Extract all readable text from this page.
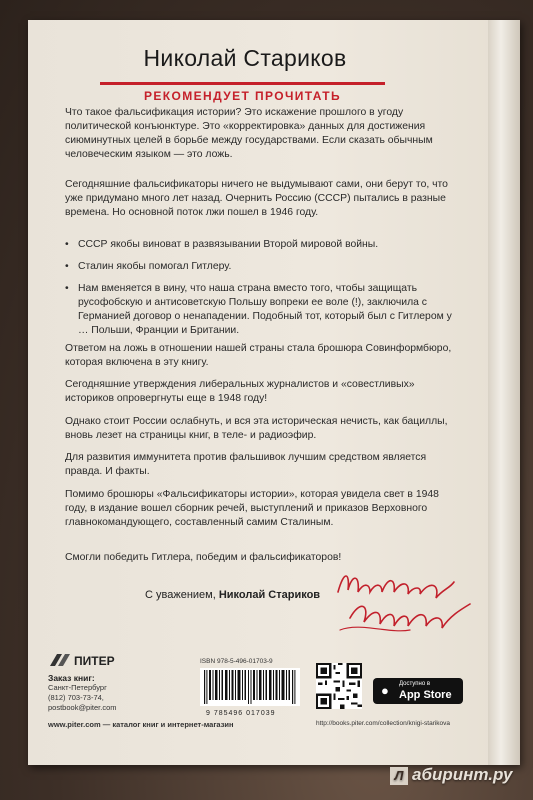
Николай Стариков
РЕКОМЕНДУЕТ ПРОЧИТАТЬ
Что такое фальсификация истории? Это искажение прошлого в угоду политической конъюнктуре. Это «корректировка» данных для достижения сиюминутных целей в борьбе между государствами. Если сказать обычным человеческим языком — это ложь.
Сегодняшние фальсификаторы ничего не выдумывают сами, они берут то, что уже придумано много лет назад. Очернить Россию (СССР) пытались в разные времена. Но основной поток лжи пошел в 1946 году.
• СССР якобы виноват в развязывании Второй мировой войны.
• Сталин якобы помогал Гитлеру.
• Нам вменяется в вину, что наша страна вместо того, чтобы защищать русофобскую и антисоветскую Польшу вопреки ее воле (!), заключила с Германией договор о ненападении. Подобный тот, который был с Гитлером у … Польши, Франции и Британии.
Ответом на ложь в отношении нашей страны стала брошюра Совинформбюро, которая включена в эту книгу.
Сегодняшние утверждения либеральных журналистов и «совестливых» историков опровергнуты еще в 1948 году!
Однако стоит России ослабнуть, и вся эта историческая нечисть, как бациллы, вновь лезет на страницы книг, в теле- и радиоэфир.
Для развития иммунитета против фальшивок лучшим средством является правда. И факты.
Помимо брошюры «Фальсификаторы истории», которая увидела свет в 1948 году, в издание вошел сборник речей, выступлений и приказов Верховного главнокомандующего, составленный самим Сталиным.
Смогли победить Гитлера, победим и фальсификаторов!
С уважением, Николай Стариков
ПИТЕР
Заказ книг:
Санкт-Петербург
(812) 703-73-74,
postbook@piter.com
www.piter.com — каталог книг и интернет-магазин
ISBN 978-5-496-01703-9
9 785496 017039
● Доступно в
App Store
http://books.piter.com/collection/knigi-starikova
Л абиринт.ру
